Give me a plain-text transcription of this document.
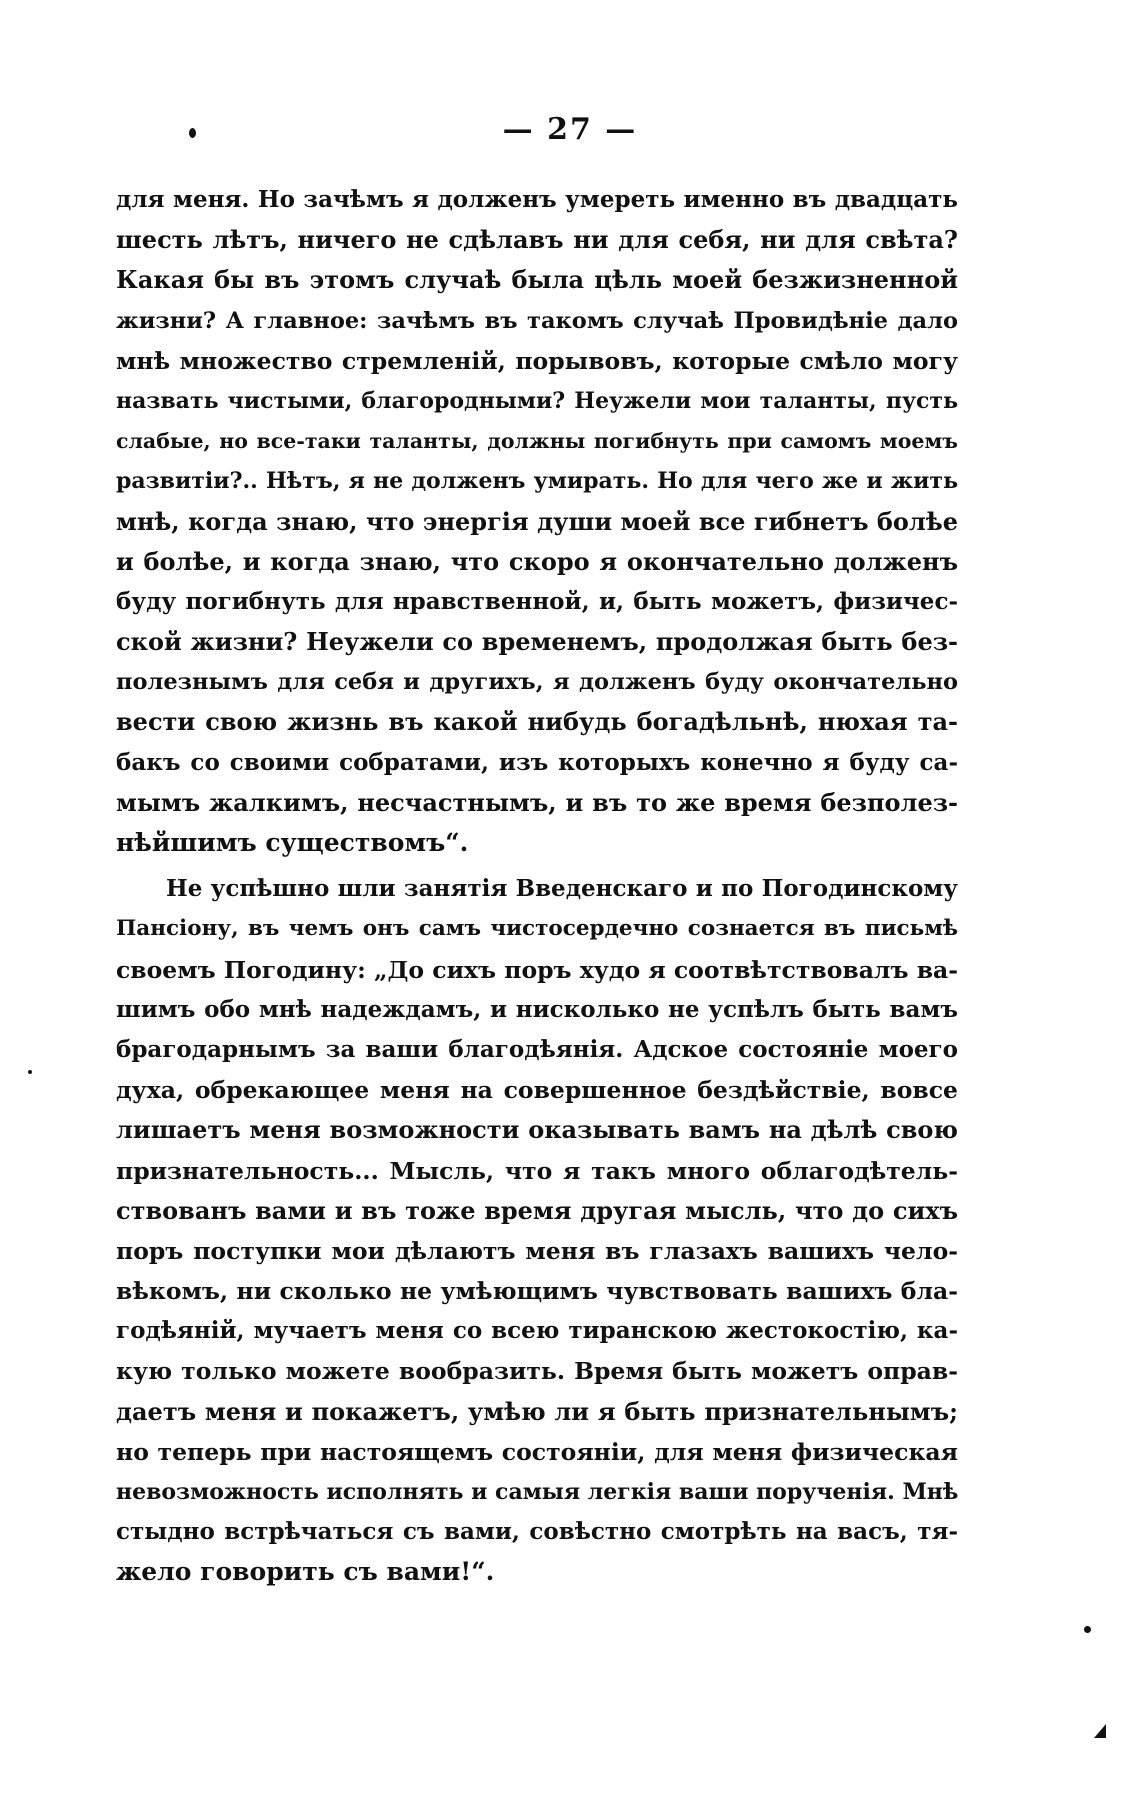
— 27 —
для меня. Но зачѣмъ я долженъ умереть именно въ двадцать
шесть лѣтъ, ничего не сдѣлавъ ни для себя, ни для свѣта?
Какая бы въ этомъ случаѣ была цѣль моей безжизненной
жизни? А главное: зачѣмъ въ такомъ случаѣ Провидѣніе дало
мнѣ множество стремленій, порывовъ, которые смѣло могу
назвать чистыми, благородными? Неужели мои таланты, пусть
слабые, но все-таки таланты, должны погибнуть при самомъ моемъ
развитіи?.. Нѣтъ, я не долженъ умирать. Но для чего же и жить
мнѣ, когда знаю, что энергія души моей все гибнетъ болѣе
и болѣе, и когда знаю, что скоро я окончательно долженъ
буду погибнуть для нравственной, и, быть можетъ, физичес-
ской жизни? Неужели со временемъ, продолжая быть без-
полезнымъ для себя и другихъ, я долженъ буду окончательно
вести свою жизнь въ какой нибудь богадѣльнѣ, нюхая та-
бакъ со своими собратами, изъ которыхъ конечно я буду са-
мымъ жалкимъ, несчастнымъ, и въ то же время безполез-
нѣйшимъ существомъ“.
Не успѣшно шли занятія Введенскаго и по Погодинскому
Пансіону, въ чемъ онъ самъ чистосердечно сознается въ письмѣ
своемъ Погодину: „До сихъ поръ худо я соотвѣтствовалъ ва-
шимъ обо мнѣ надеждамъ, и нисколько не успѣлъ быть вамъ
брагодарнымъ за ваши благодѣянія. Адское состояніе моего
духа, обрекающее меня на совершенное бездѣйствіе, вовсе
лишаетъ меня возможности оказывать вамъ на дѣлѣ свою
признательность... Мысль, что я такъ много облагодѣтель-
ствованъ вами и въ тоже время другая мысль, что до сихъ
поръ поступки мои дѣлаютъ меня въ глазахъ вашихъ чело-
вѣкомъ, ни сколько не умѣющимъ чувствовать вашихъ бла-
годѣяній, мучаетъ меня со всею тиранскою жестокостію, ка-
кую только можете вообразить. Время быть можетъ оправ-
даетъ меня и покажетъ, умѣю ли я быть признательнымъ;
но теперь при настоящемъ состояніи, для меня физическая
невозможность исполнять и самыя легкія ваши порученія. Мнѣ
стыдно встрѣчаться съ вами, совѣстно смотрѣть на васъ, тя-
жело говорить съ вами!“.
